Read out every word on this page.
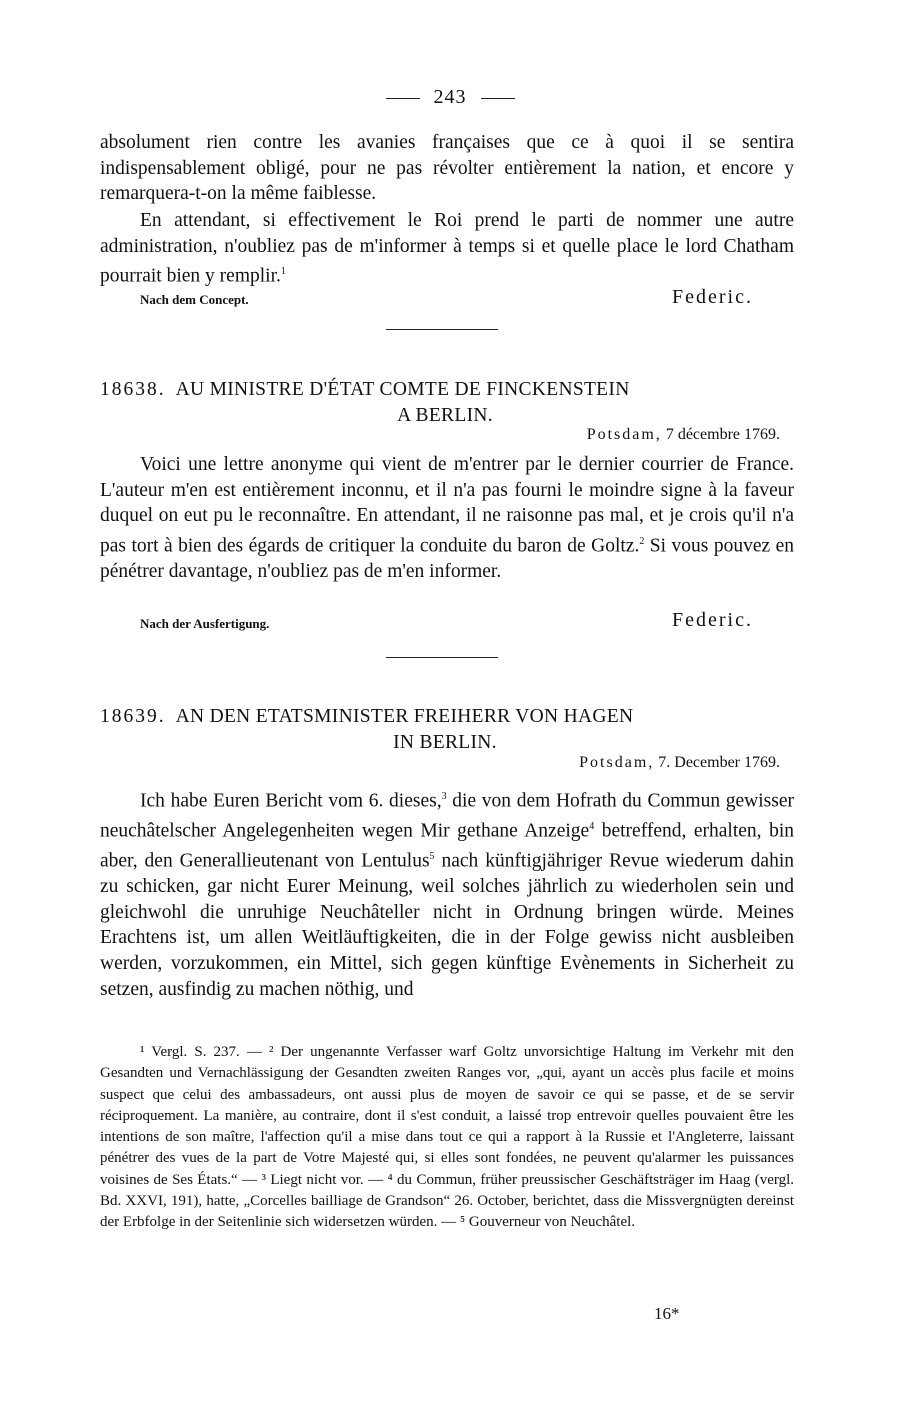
243

absolument rien contre les avanies françaises que ce à quoi il se sentira indispensablement obligé, pour ne pas révolter entièrement la nation, et encore y remarquera-t-on la même faiblesse.

En attendant, si effectivement le Roi prend le parti de nommer une autre administration, n'oubliez pas de m'informer à temps si et quelle place le lord Chatham pourrait bien y remplir.$^1$

Nach dem Concept.	Federic.
18638. AU MINISTRE D'ÉTAT COMTE DE FINCKENSTEIN
A BERLIN.
Potsdam, 7 décembre 1769.

Voici une lettre anonyme qui vient de m'entrer par le dernier courrier de France. L'auteur m'en est entièrement inconnu, et il n'a pas fourni le moindre signe à la faveur duquel on eut pu le reconnaître. En attendant, il ne raisonne pas mal, et je crois qu'il n'a pas tort à bien des égards de critiquer la conduite du baron de Goltz.$^2$ Si vous pouvez en pénétrer davantage, n'oubliez pas de m'en informer.

Nach der Ausfertigung.	Federic.
18639. AN DEN ETATSMINISTER FREIHERR VON HAGEN
IN BERLIN.
Potsdam, 7. December 1769.

Ich habe Euren Bericht vom 6. dieses,$^3$ die von dem Hofrath du Commun gewisser neuchâtelscher Angelegenheiten wegen Mir gethane Anzeige$^4$ betreffend, erhalten, bin aber, den Generallieutenant von Lentulus$^5$ nach künftigjähriger Revue wiederum dahin zu schicken, gar nicht Eurer Meinung, weil solches jährlich zu wiederholen sein und gleichwohl die unruhige Neuchâteller nicht in Ordnung bringen würde. Meines Erachtens ist, um allen Weitläuftigkeiten, die in der Folge gewiss nicht ausbleiben werden, vorzukommen, ein Mittel, sich gegen künftige Evènements in Sicherheit zu setzen, ausfindig zu machen nöthig, und

¹ Vergl. S. 237. — ² Der ungenannte Verfasser warf Goltz unvorsichtige Haltung im Verkehr mit den Gesandten und Vernachlässigung der Gesandten zweiten Ranges vor, „qui, ayant un accès plus facile et moins suspect que celui des ambassadeurs, ont aussi plus de moyen de savoir ce qui se passe, et de se servir réciproquement. La manière, au contraire, dont il s'est conduit, a laissé trop entrevoir quelles pouvaient être les intentions de son maître, l'affection qu'il a mise dans tout ce qui a rapport à la Russie et l'Angleterre, laissant pénétrer des vues de la part de Votre Majesté qui, si elles sont fondées, ne peuvent qu'alarmer les puissances voisines de Ses États.“ — ³ Liegt nicht vor. — ⁴ du Commun, früher preussischer Geschäftsträger im Haag (vergl. Bd. XXVI, 191), hatte, „Corcelles bailliage de Grandson“ 26. October, berichtet, dass die Missvergnügten dereinst der Erbfolge in der Seitenlinie sich widersetzen würden. — ⁵ Gouverneur von Neuchâtel.

16*
